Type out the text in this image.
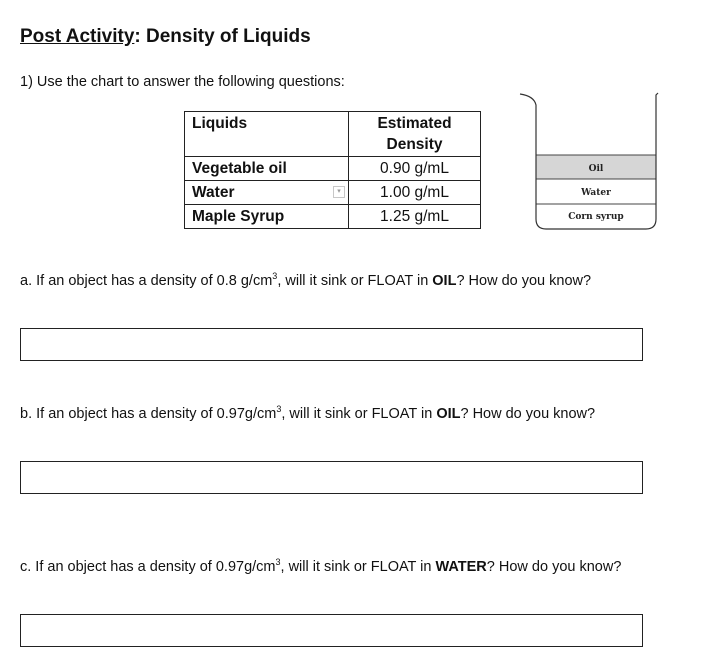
Post Activity: Density of Liquids
1) Use the chart to answer the following questions:
Liquids	Estimated Density
Vegetable oil	0.90 g/mL
Water	1.00 g/mL
Maple Syrup	1.25 g/mL
▾
Oil
Water
Corn syrup
a. If an object has a density of 0.8 $g/cm^3$, will it sink or FLOAT in OIL? How do you know?
b. If an object has a density of $0.97g/cm^3$, will it sink or FLOAT in OIL? How do you know?
c. If an object has a density of $0.97g/cm^3$, will it sink or FLOAT in WATER? How do you know?
